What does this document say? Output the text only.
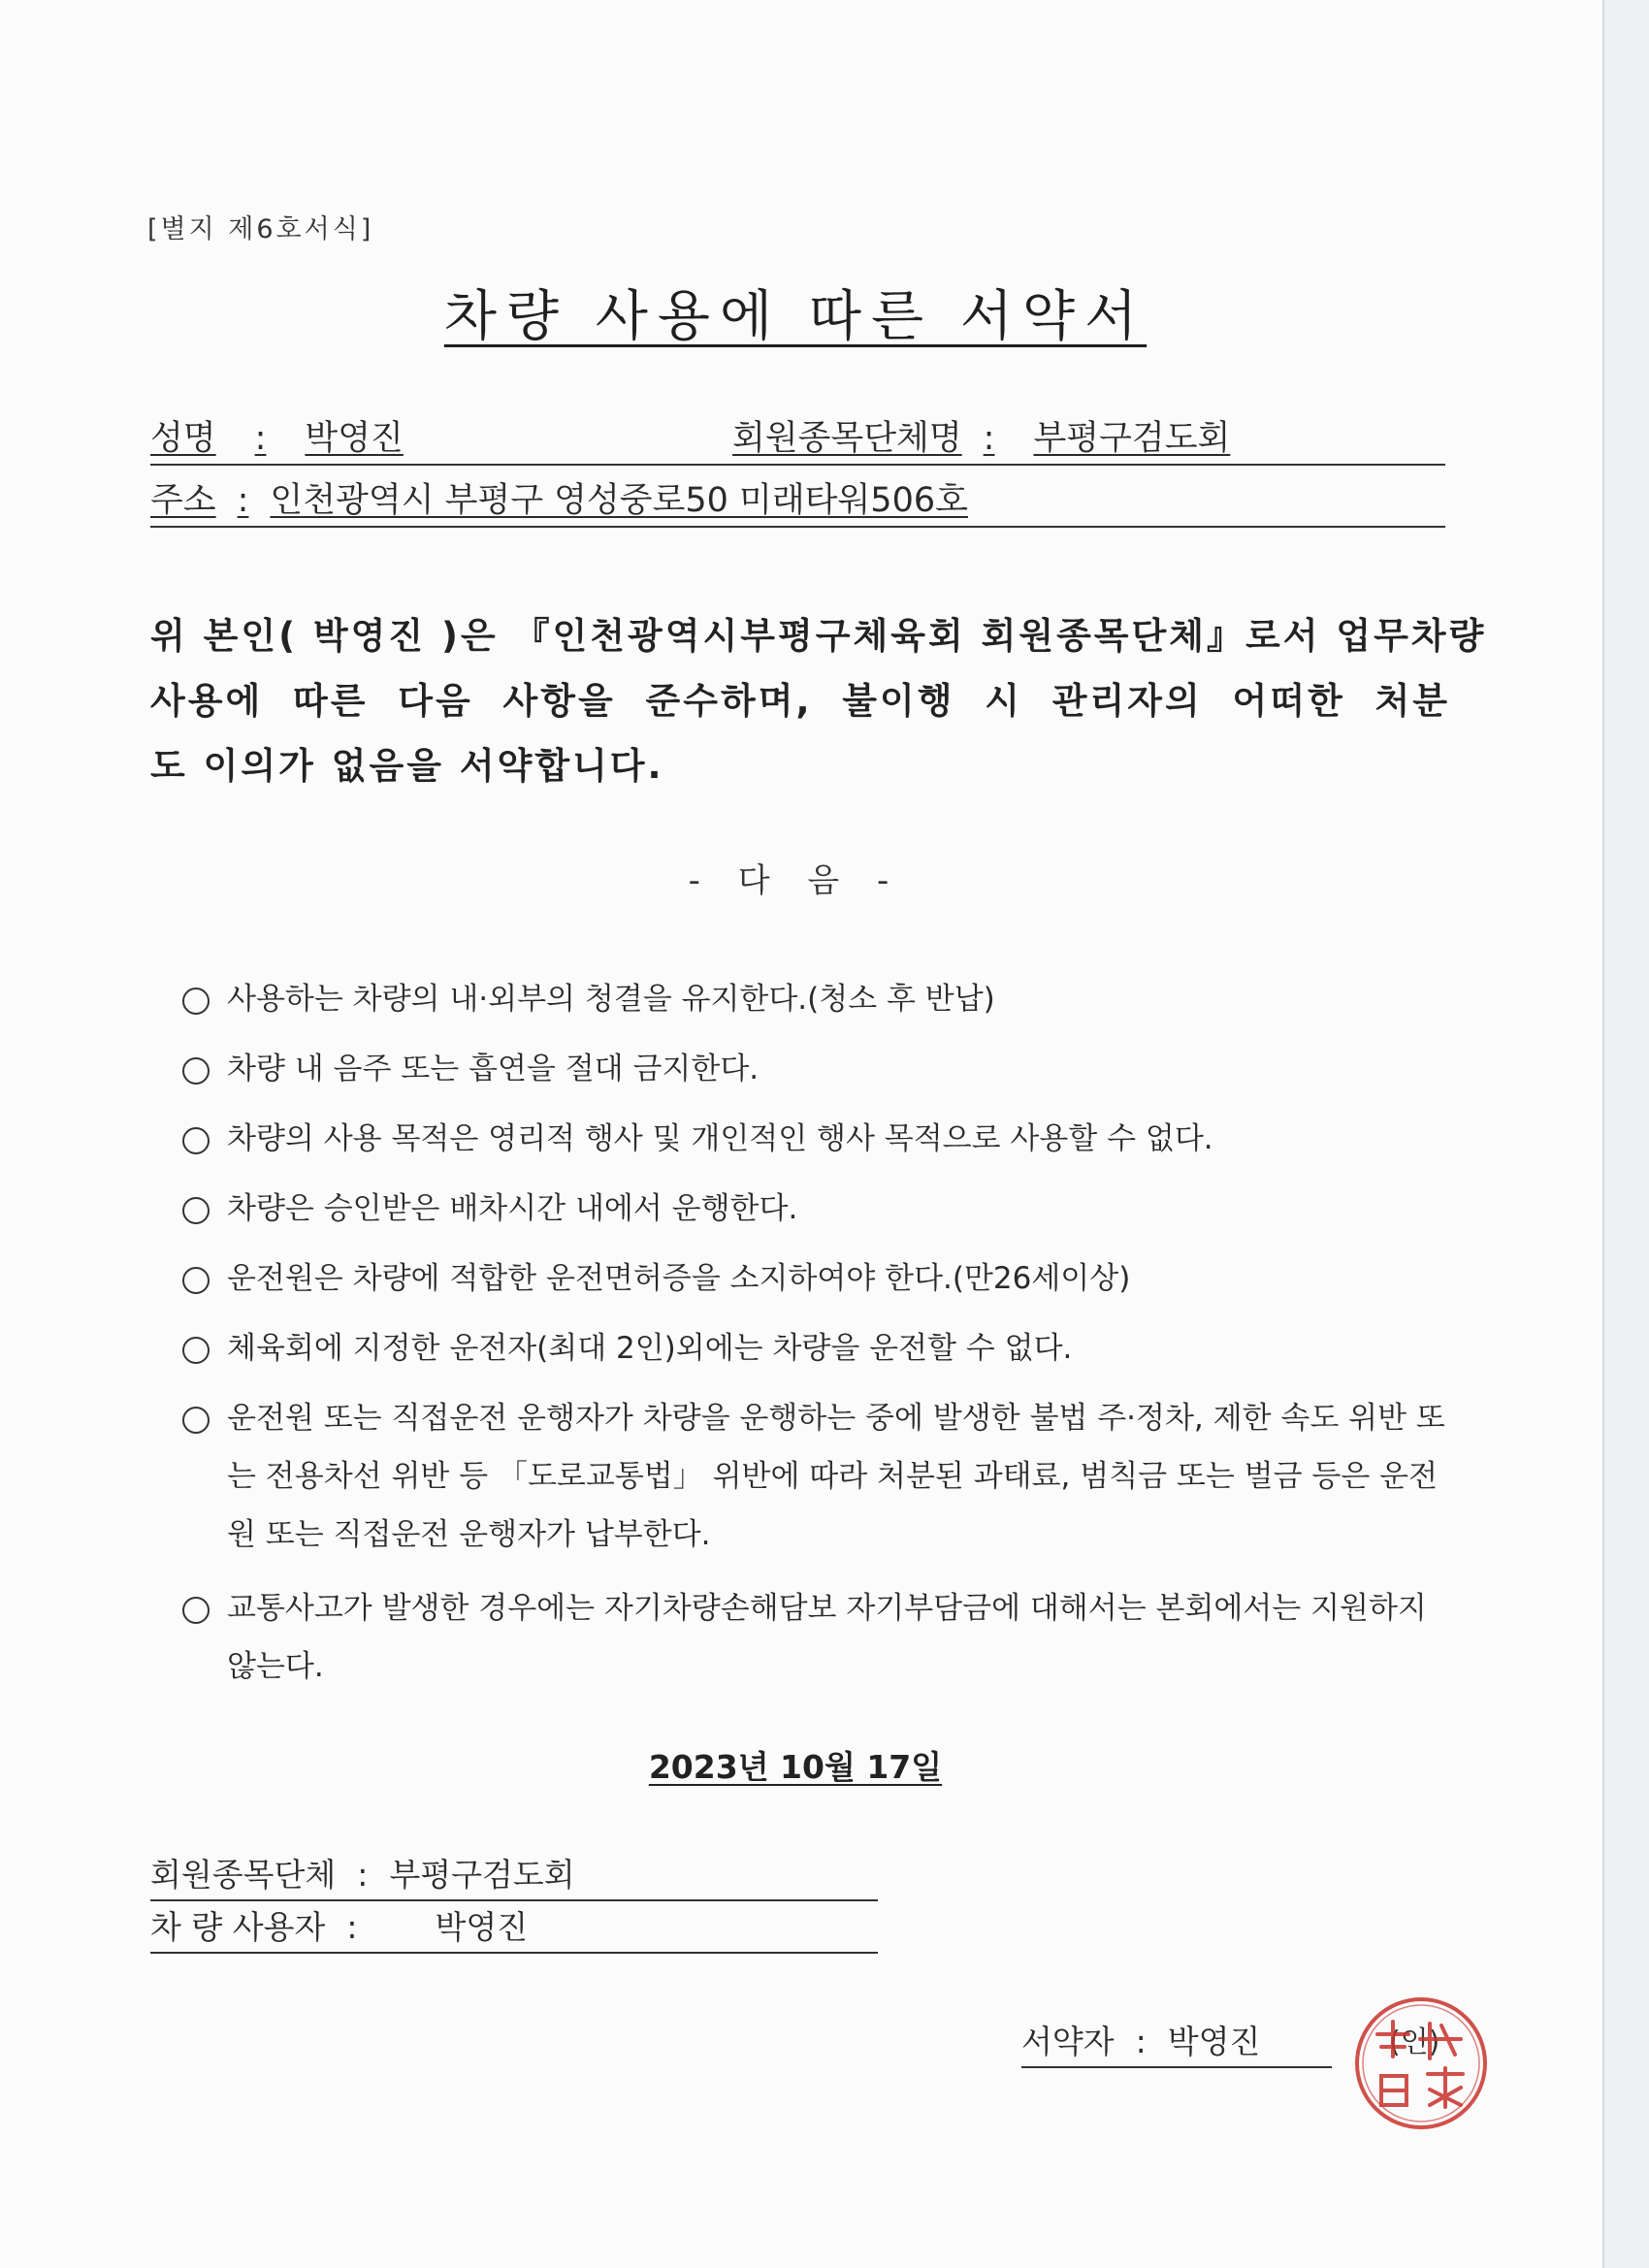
[별지 제6호서식]
차량 사용에 따른 서약서
성명 : 박영진	회원종목단체명 : 부평구검도회
주소 : 인천광역시 부평구 영성중로50 미래타워506호
위 본인( 박영진 )은 『인천광역시부평구체육회 회원종목단체』로서 업무차량
사용에 따른 다음 사항을 준수하며, 불이행 시 관리자의 어떠한 처분
도 이의가 없음을 서약합니다.
- 다 음 -
사용하는 차량의 내·외부의 청결을 유지한다.(청소 후 반납)
차량 내 음주 또는 흡연을 절대 금지한다.
차량의 사용 목적은 영리적 행사 및 개인적인 행사 목적으로 사용할 수 없다.
차량은 승인받은 배차시간 내에서 운행한다.
운전원은 차량에 적합한 운전면허증을 소지하여야 한다.(만26세이상)
체육회에 지정한 운전자(최대 2인)외에는 차량을 운전할 수 없다.
운전원 또는 직접운전 운행자가 차량을 운행하는 중에 발생한 불법 주·정차, 제한 속도 위반 또는 전용차선 위반 등 「도로교통법」 위반에 따라 처분된 과태료, 범칙금 또는 벌금 등은 운전원 또는 직접운전 운행자가 납부한다.
교통사고가 발생한 경우에는 자기차량손해담보 자기부담금에 대해서는 본회에서는 지원하지 않는다.
2023년 10월 17일
회원종목단체 : 부평구검도회
차 량 사용자 : 박영진
서약자 : 박영진	(인)
